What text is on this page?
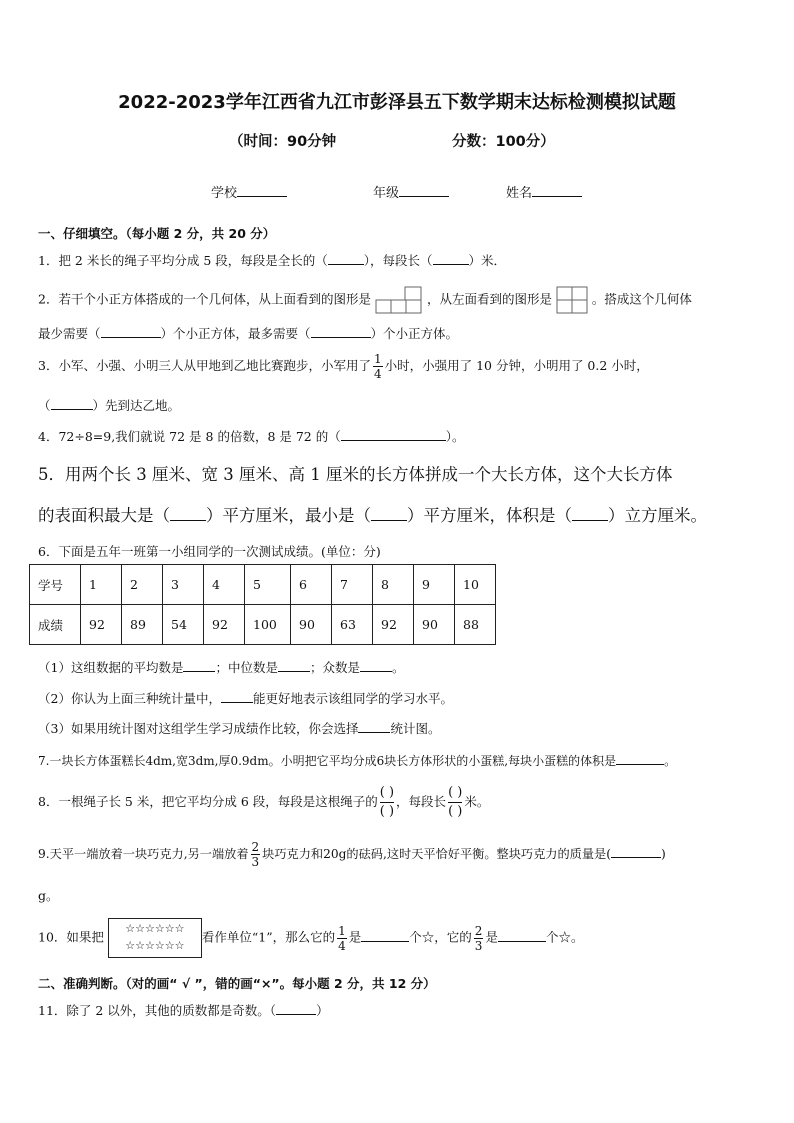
2022-2023学年江西省九江市彭泽县五下数学期末达标检测模拟试题
（时间：90分钟	分数：100分）
学校	年级	姓名
一、仔细填空。（每小题 2 分，共 20 分）
1．把 2 米长的绳子平均分成 5 段，每段是全长的（	），每段长（	）米．
2．若干个小正方体搭成的一个几何体，从上面看到的图形是	，从左面看到的图形是	。搭成这个几何体
最少需要（	）个小正方体，最多需要（	）个小正方体。
3．小军、小强、小明三人从甲地到乙地比赛跑步，小军用了 $\frac{1}{4}$ 小时，小强用了 10 分钟，小明用了 0.2 小时，
（	）先到达乙地。
4．72÷8=9,我们就说 72 是 8 的倍数，8 是 72 的（	）。
5．用两个长 3 厘米、宽 3 厘米、高 1 厘米的长方体拼成一个大长方体，这个大长方体
的表面积最大是（ ）平方厘米，最小是（ ）平方厘米，体积是（ ）立方厘米。
6．下面是五年一班第一小组同学的一次测试成绩。(单位：分)
学号	1	2	3	4	5	6	7	8	9	10
成绩	92	89	54	92	100	90	63	92	90	88
（1）这组数据的平均数是	；中位数是	；众数是	。
（2）你认为上面三种统计量中，	能更好地表示该组同学的学习水平。
（3）如果用统计图对这组学生学习成绩作比较，你会选择	统计图。
7.一块长方体蛋糕长4dm,宽3dm,厚0.9dm。小明把它平均分成6块长方体形状的小蛋糕,每块小蛋糕的体积是	。
8．一根绳子长 5 米，把它平均分成 6 段，每段是这根绳子的
( )
( )
，每段长
( )
( )
米。
9.天平一端放着一块巧克力,另一端放着 $\frac{2}{3}$ 块巧克力和20g的砝码,这时天平恰好平衡。整块巧克力的质量是(	)
g。
10．如果把
☆☆☆☆☆☆
☆☆☆☆☆☆
看作单位“1”，那么它的 $\frac{1}{4}$ 是	个☆，它的 $\frac{2}{3}$ 是	个☆。
二、准确判断。（对的画“ √ ”，错的画“×”。每小题 2 分，共 12 分）
11．除了 2 以外，其他的质数都是奇数。（	）
